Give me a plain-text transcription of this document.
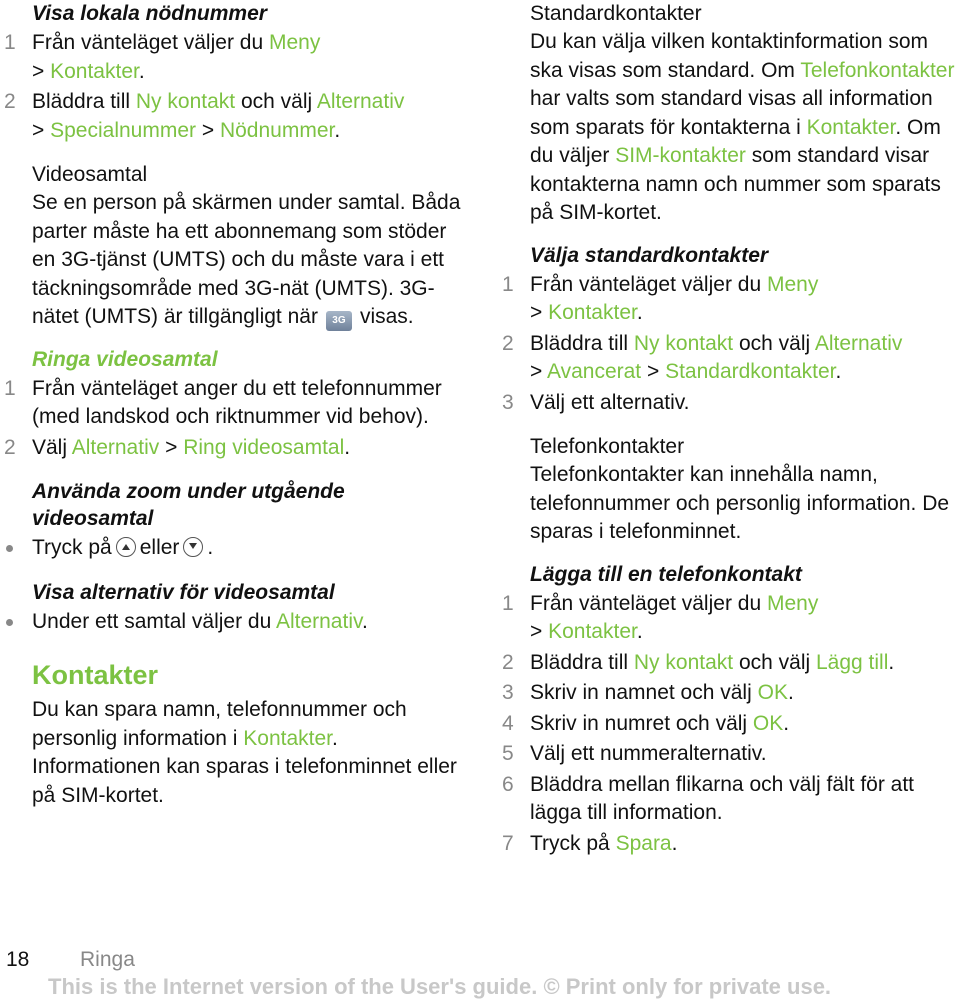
Visa lokala nödnummer
1 Från vänteläget väljer du Meny
> Kontakter.
2 Bläddra till Ny kontakt och välj Alternativ
> Specialnummer > Nödnummer.
Videosamtal
Se en person på skärmen under samtal. Båda parter måste ha ett abonnemang som stöder en 3G-tjänst (UMTS) och du måste vara i ett täckningsområde med 3G-nät (UMTS). 3G-nätet (UMTS) är tillgängligt när 3G visas.
Ringa videosamtal
1 Från vänteläget anger du ett telefonnummer (med landskod och riktnummer vid behov).
2 Välj Alternativ > Ring videosamtal.
Använda zoom under utgående videosamtal
Tryck på eller .
Visa alternativ för videosamtal
Under ett samtal väljer du Alternativ.
Kontakter
Du kan spara namn, telefonnummer och personlig information i Kontakter. Informationen kan sparas i telefonminnet eller på SIM-kortet.
Standardkontakter
Du kan välja vilken kontaktinformation som ska visas som standard. Om Telefonkontakter har valts som standard visas all information som sparats för kontakterna i Kontakter. Om du väljer SIM-kontakter som standard visar kontakterna namn och nummer som sparats på SIM-kortet.
Välja standardkontakter
1 Från vänteläget väljer du Meny
> Kontakter.
2 Bläddra till Ny kontakt och välj Alternativ
> Avancerat > Standardkontakter.
3 Välj ett alternativ.
Telefonkontakter
Telefonkontakter kan innehålla namn, telefonnummer och personlig information. De sparas i telefonminnet.
Lägga till en telefonkontakt
1 Från vänteläget väljer du Meny
> Kontakter.
2 Bläddra till Ny kontakt och välj Lägg till.
3 Skriv in namnet och välj OK.
4 Skriv in numret och välj OK.
5 Välj ett nummeralternativ.
6 Bläddra mellan flikarna och välj fält för att lägga till information.
7 Tryck på Spara.
18 Ringa
This is the Internet version of the User's guide. © Print only for private use.
